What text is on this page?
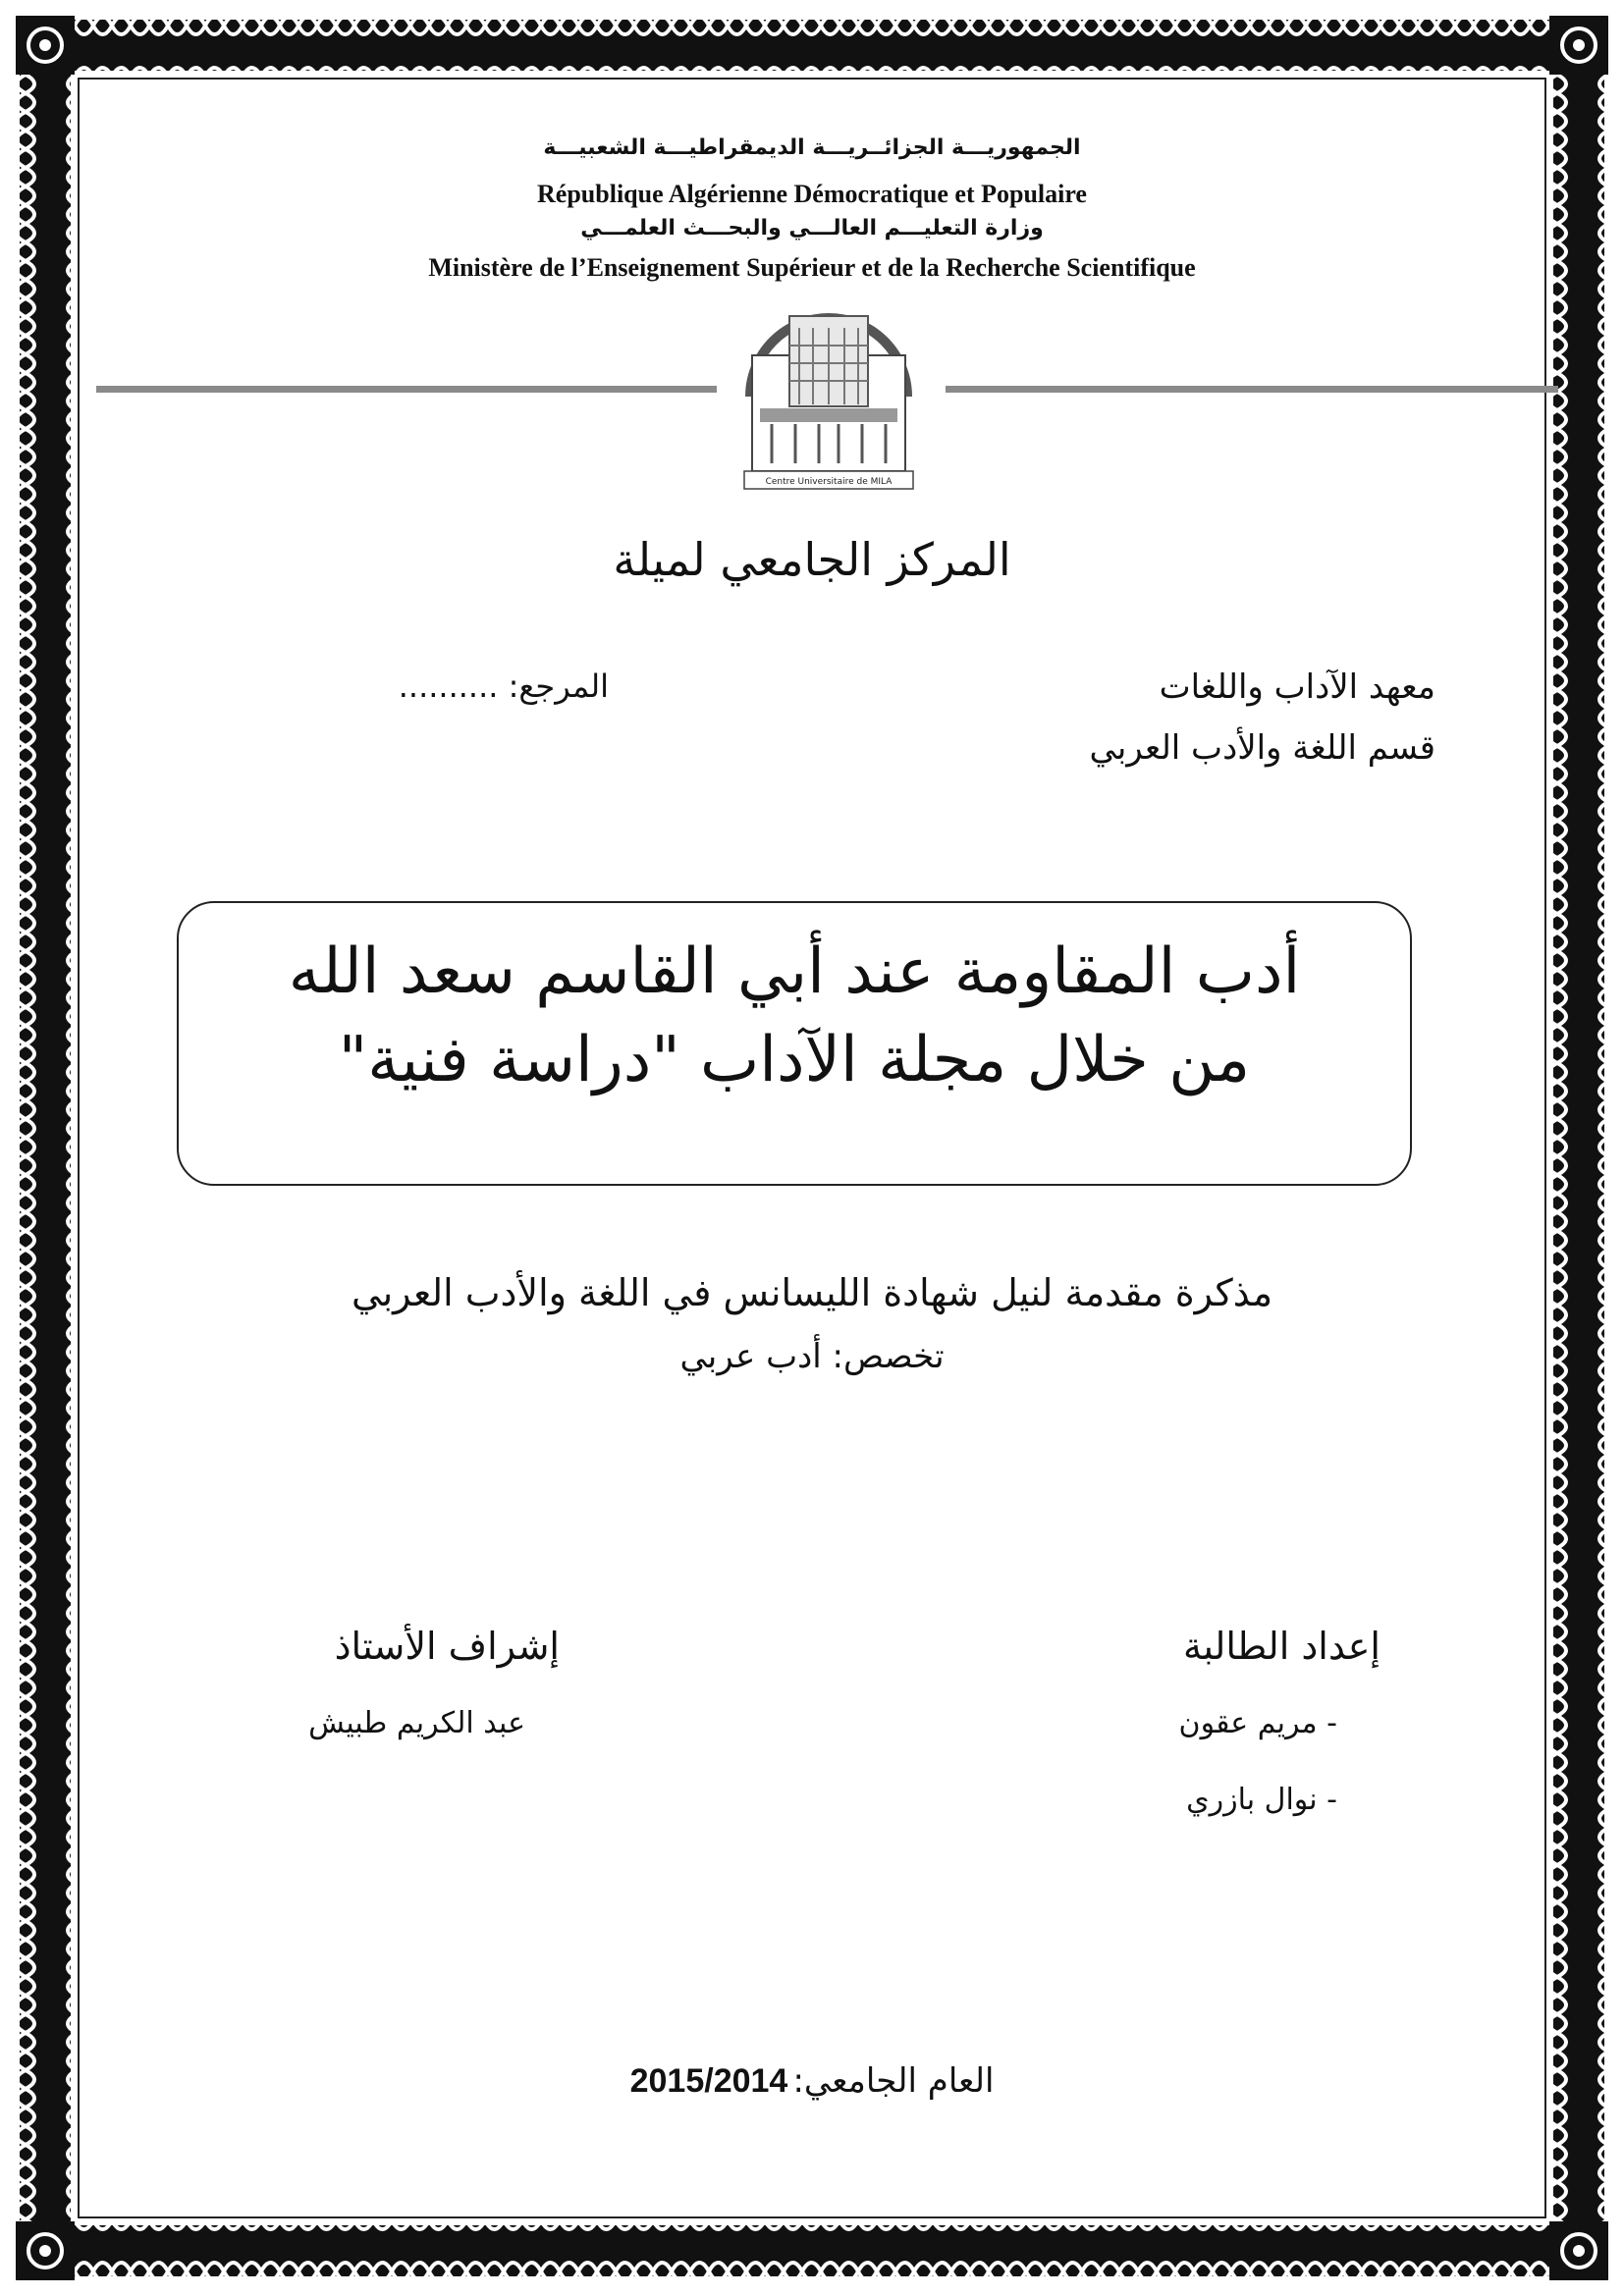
الجمهوريـــة الجزائــريـــة الديمقراطيـــة الشعبيـــة
République Algérienne Démocratique et Populaire
وزارة التعليـــم العالـــي والبحـــث العلمـــي
Ministère de l’Enseignement Supérieur et de la Recherche Scientifique
Centre Universitaire de MILA
المركز الجامعي لميلة
معهد الآداب واللغات
قسم اللغة والأدب العربي
المرجع: ..........
أدب المقاومة عند أبي القاسم سعد الله
من خلال مجلة الآداب "دراسة فنية"
مذكرة مقدمة لنيل شهادة الليسانس في اللغة والأدب العربي
تخصص: أدب عربي
إعداد الطالبة
- مريم عقون
- نوال بازري
إشراف الأستاذ
عبد الكريم طبيش
العام الجامعي: 2015/2014
